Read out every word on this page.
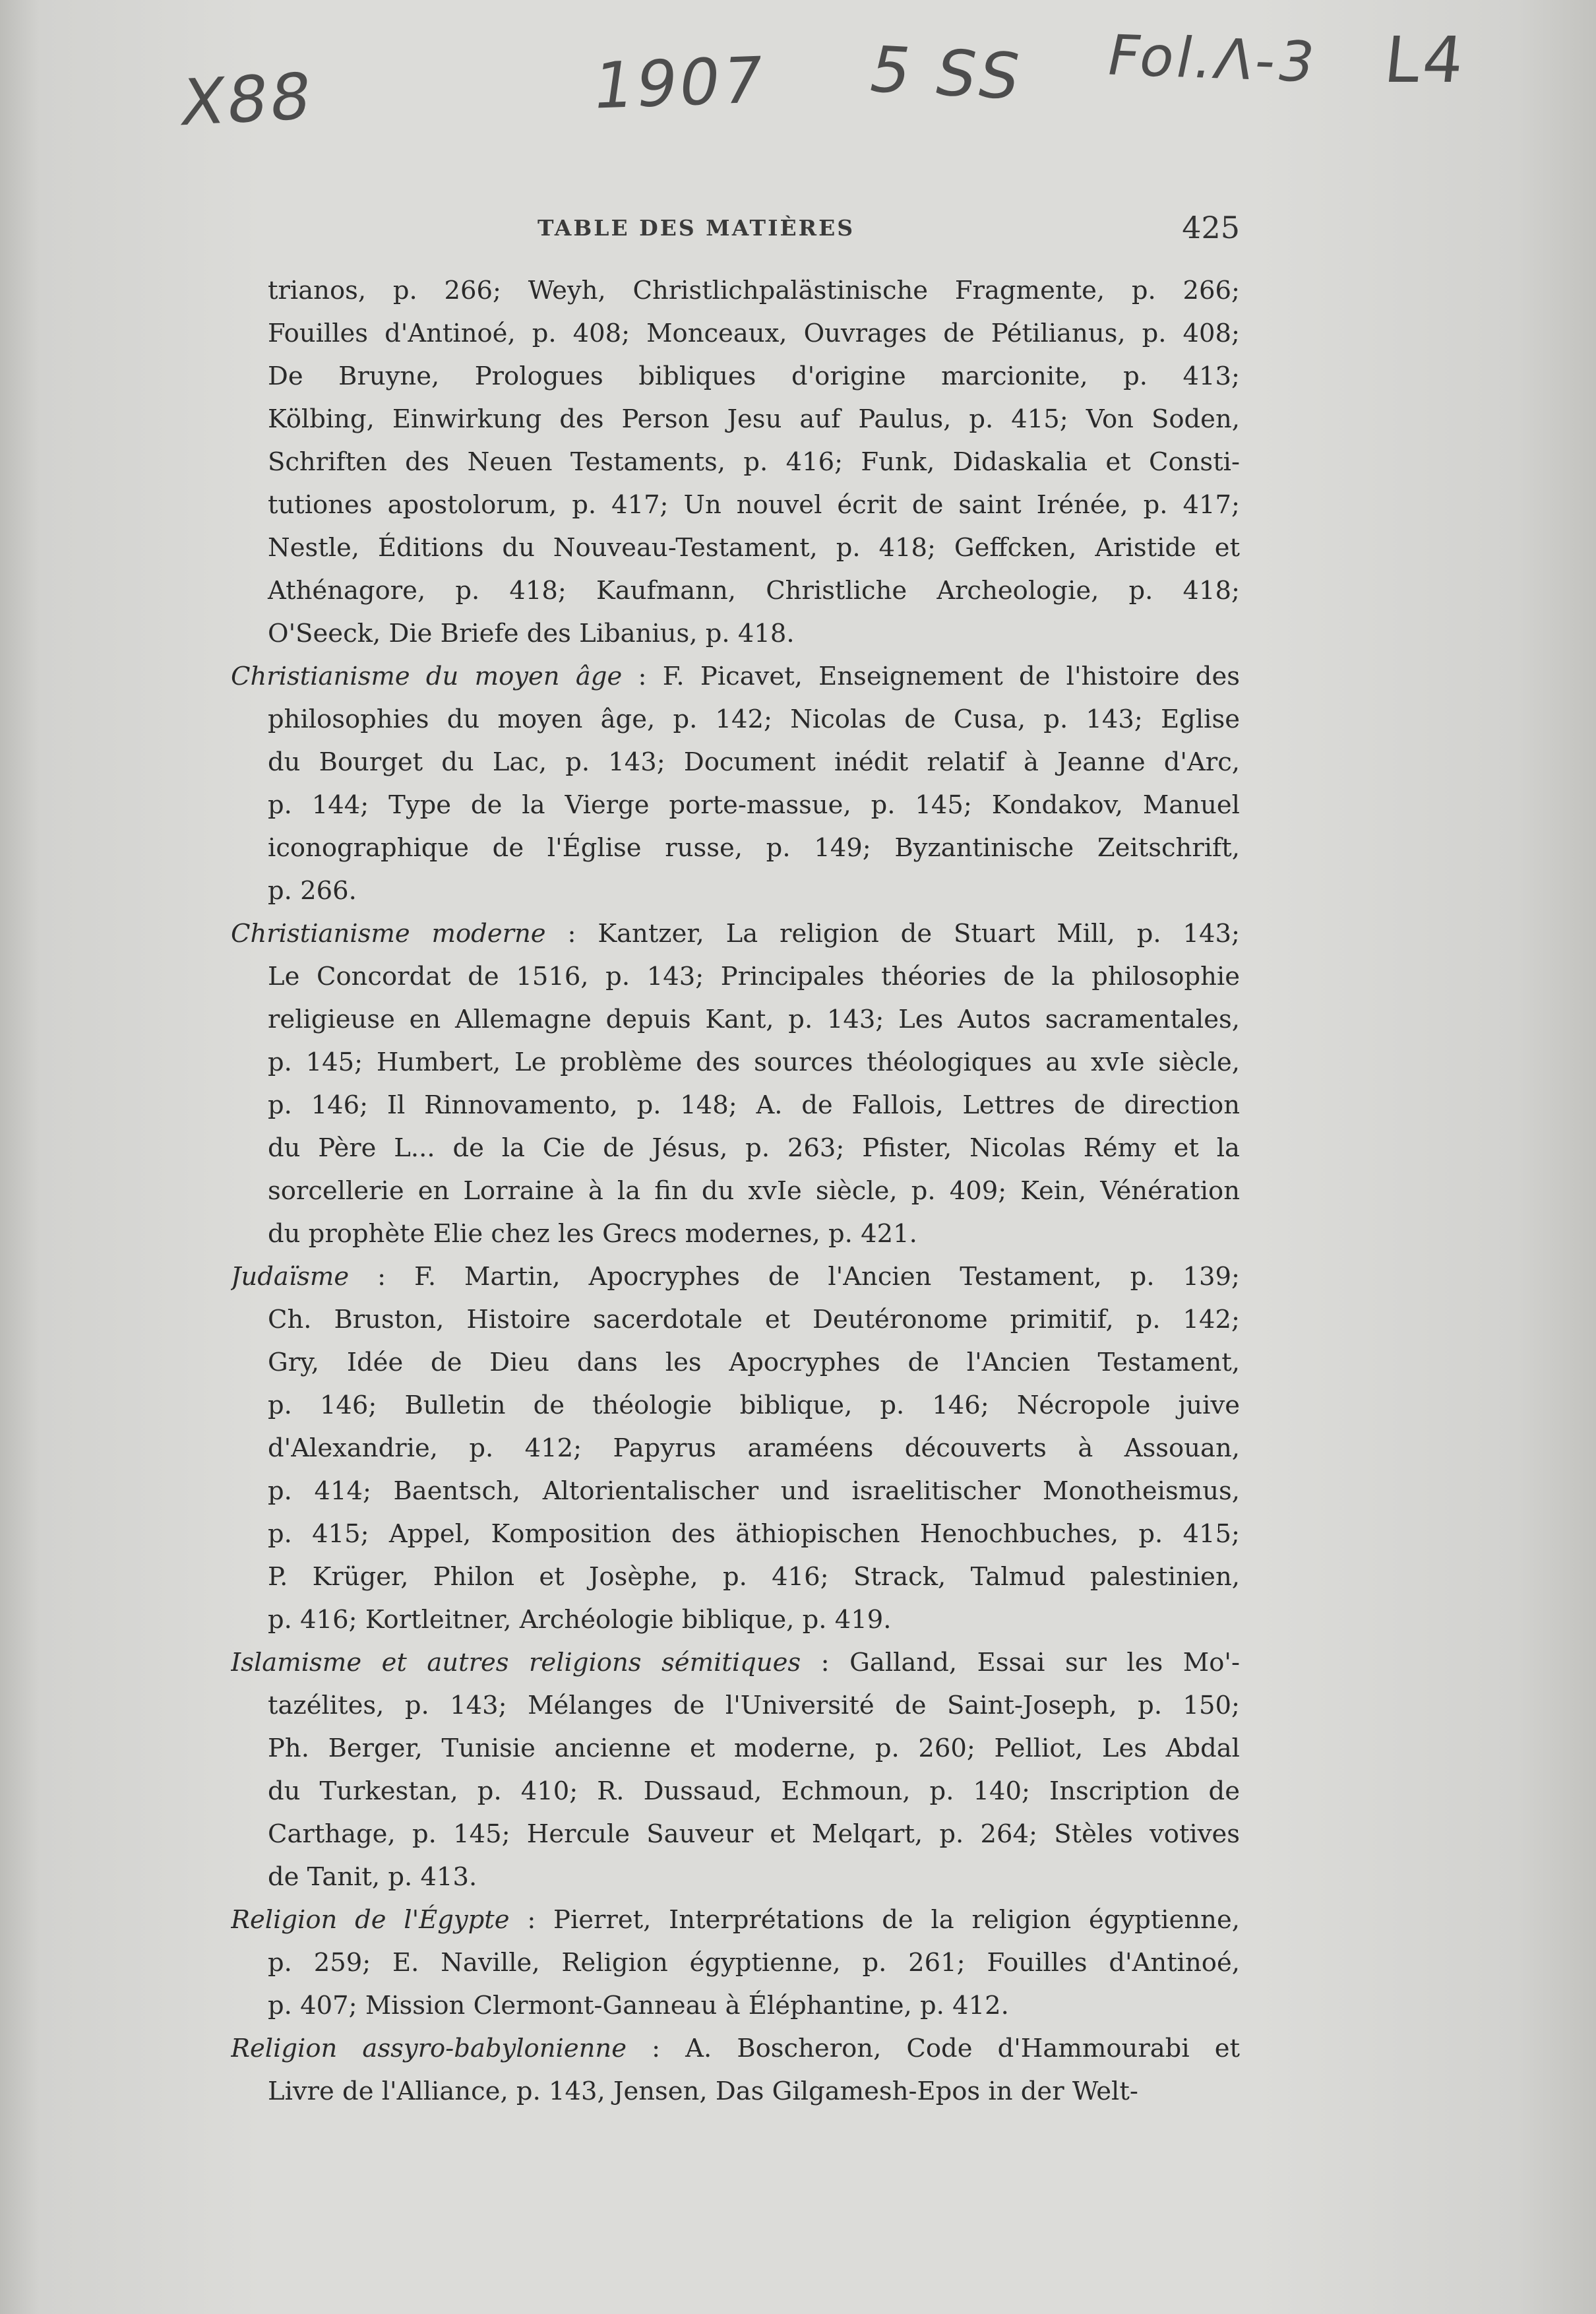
X88	1907 5 SS Fol.Λ-3 L4
TABLE DES MATIÈRES	425
trianos, p. 266; Weyh, Christlichpalästinische Fragmente, p. 266;
Fouilles d'Antinoé, p. 408; Monceaux, Ouvrages de Pétilianus, p. 408;
De Bruyne, Prologues bibliques d'origine marcionite, p. 413;
Kölbing, Einwirkung des Person Jesu auf Paulus, p. 415; Von Soden,
Schriften des Neuen Testaments, p. 416; Funk, Didaskalia et Consti-
tutiones apostolorum, p. 417; Un nouvel écrit de saint Irénée, p. 417;
Nestle, Éditions du Nouveau-Testament, p. 418; Geffcken, Aristide et
Athénagore, p. 418; Kaufmann, Christliche Archeologie, p. 418;
O'Seeck, Die Briefe des Libanius, p. 418.
Christianisme du moyen âge : F. Picavet, Enseignement de l'histoire des
philosophies du moyen âge, p. 142; Nicolas de Cusa, p. 143; Eglise
du Bourget du Lac, p. 143; Document inédit relatif à Jeanne d'Arc,
p. 144; Type de la Vierge porte-massue, p. 145; Kondakov, Manuel
iconographique de l'Église russe, p. 149; Byzantinische Zeitschrift,
p. 266.
Christianisme moderne : Kantzer, La religion de Stuart Mill, p. 143;
Le Concordat de 1516, p. 143; Principales théories de la philosophie
religieuse en Allemagne depuis Kant, p. 143; Les Autos sacramentales,
p. 145; Humbert, Le problème des sources théologiques au xvIe siècle,
p. 146; Il Rinnovamento, p. 148; A. de Fallois, Lettres de direction
du Père L... de la Cie de Jésus, p. 263; Pfister, Nicolas Rémy et la
sorcellerie en Lorraine à la fin du xvIe siècle, p. 409; Kein, Vénération
du prophète Elie chez les Grecs modernes, p. 421.
Judaïsme : F. Martin, Apocryphes de l'Ancien Testament, p. 139;
Ch. Bruston, Histoire sacerdotale et Deutéronome primitif, p. 142;
Gry, Idée de Dieu dans les Apocryphes de l'Ancien Testament,
p. 146; Bulletin de théologie biblique, p. 146; Nécropole juive
d'Alexandrie, p. 412; Papyrus araméens découverts à Assouan,
p. 414; Baentsch, Altorientalischer und israelitischer Monotheismus,
p. 415; Appel, Komposition des äthiopischen Henochbuches, p. 415;
P. Krüger, Philon et Josèphe, p. 416; Strack, Talmud palestinien,
p. 416; Kortleitner, Archéologie biblique, p. 419.
Islamisme et autres religions sémitiques : Galland, Essai sur les Mo'-
tazélites, p. 143; Mélanges de l'Université de Saint-Joseph, p. 150;
Ph. Berger, Tunisie ancienne et moderne, p. 260; Pelliot, Les Abdal
du Turkestan, p. 410; R. Dussaud, Echmoun, p. 140; Inscription de
Carthage, p. 145; Hercule Sauveur et Melqart, p. 264; Stèles votives
de Tanit, p. 413.
Religion de l'Égypte : Pierret, Interprétations de la religion égyptienne,
p. 259; E. Naville, Religion égyptienne, p. 261; Fouilles d'Antinoé,
p. 407; Mission Clermont-Ganneau à Éléphantine, p. 412.
Religion assyro-babylonienne : A. Boscheron, Code d'Hammourabi et
Livre de l'Alliance, p. 143, Jensen, Das Gilgamesh-Epos in der Welt-
